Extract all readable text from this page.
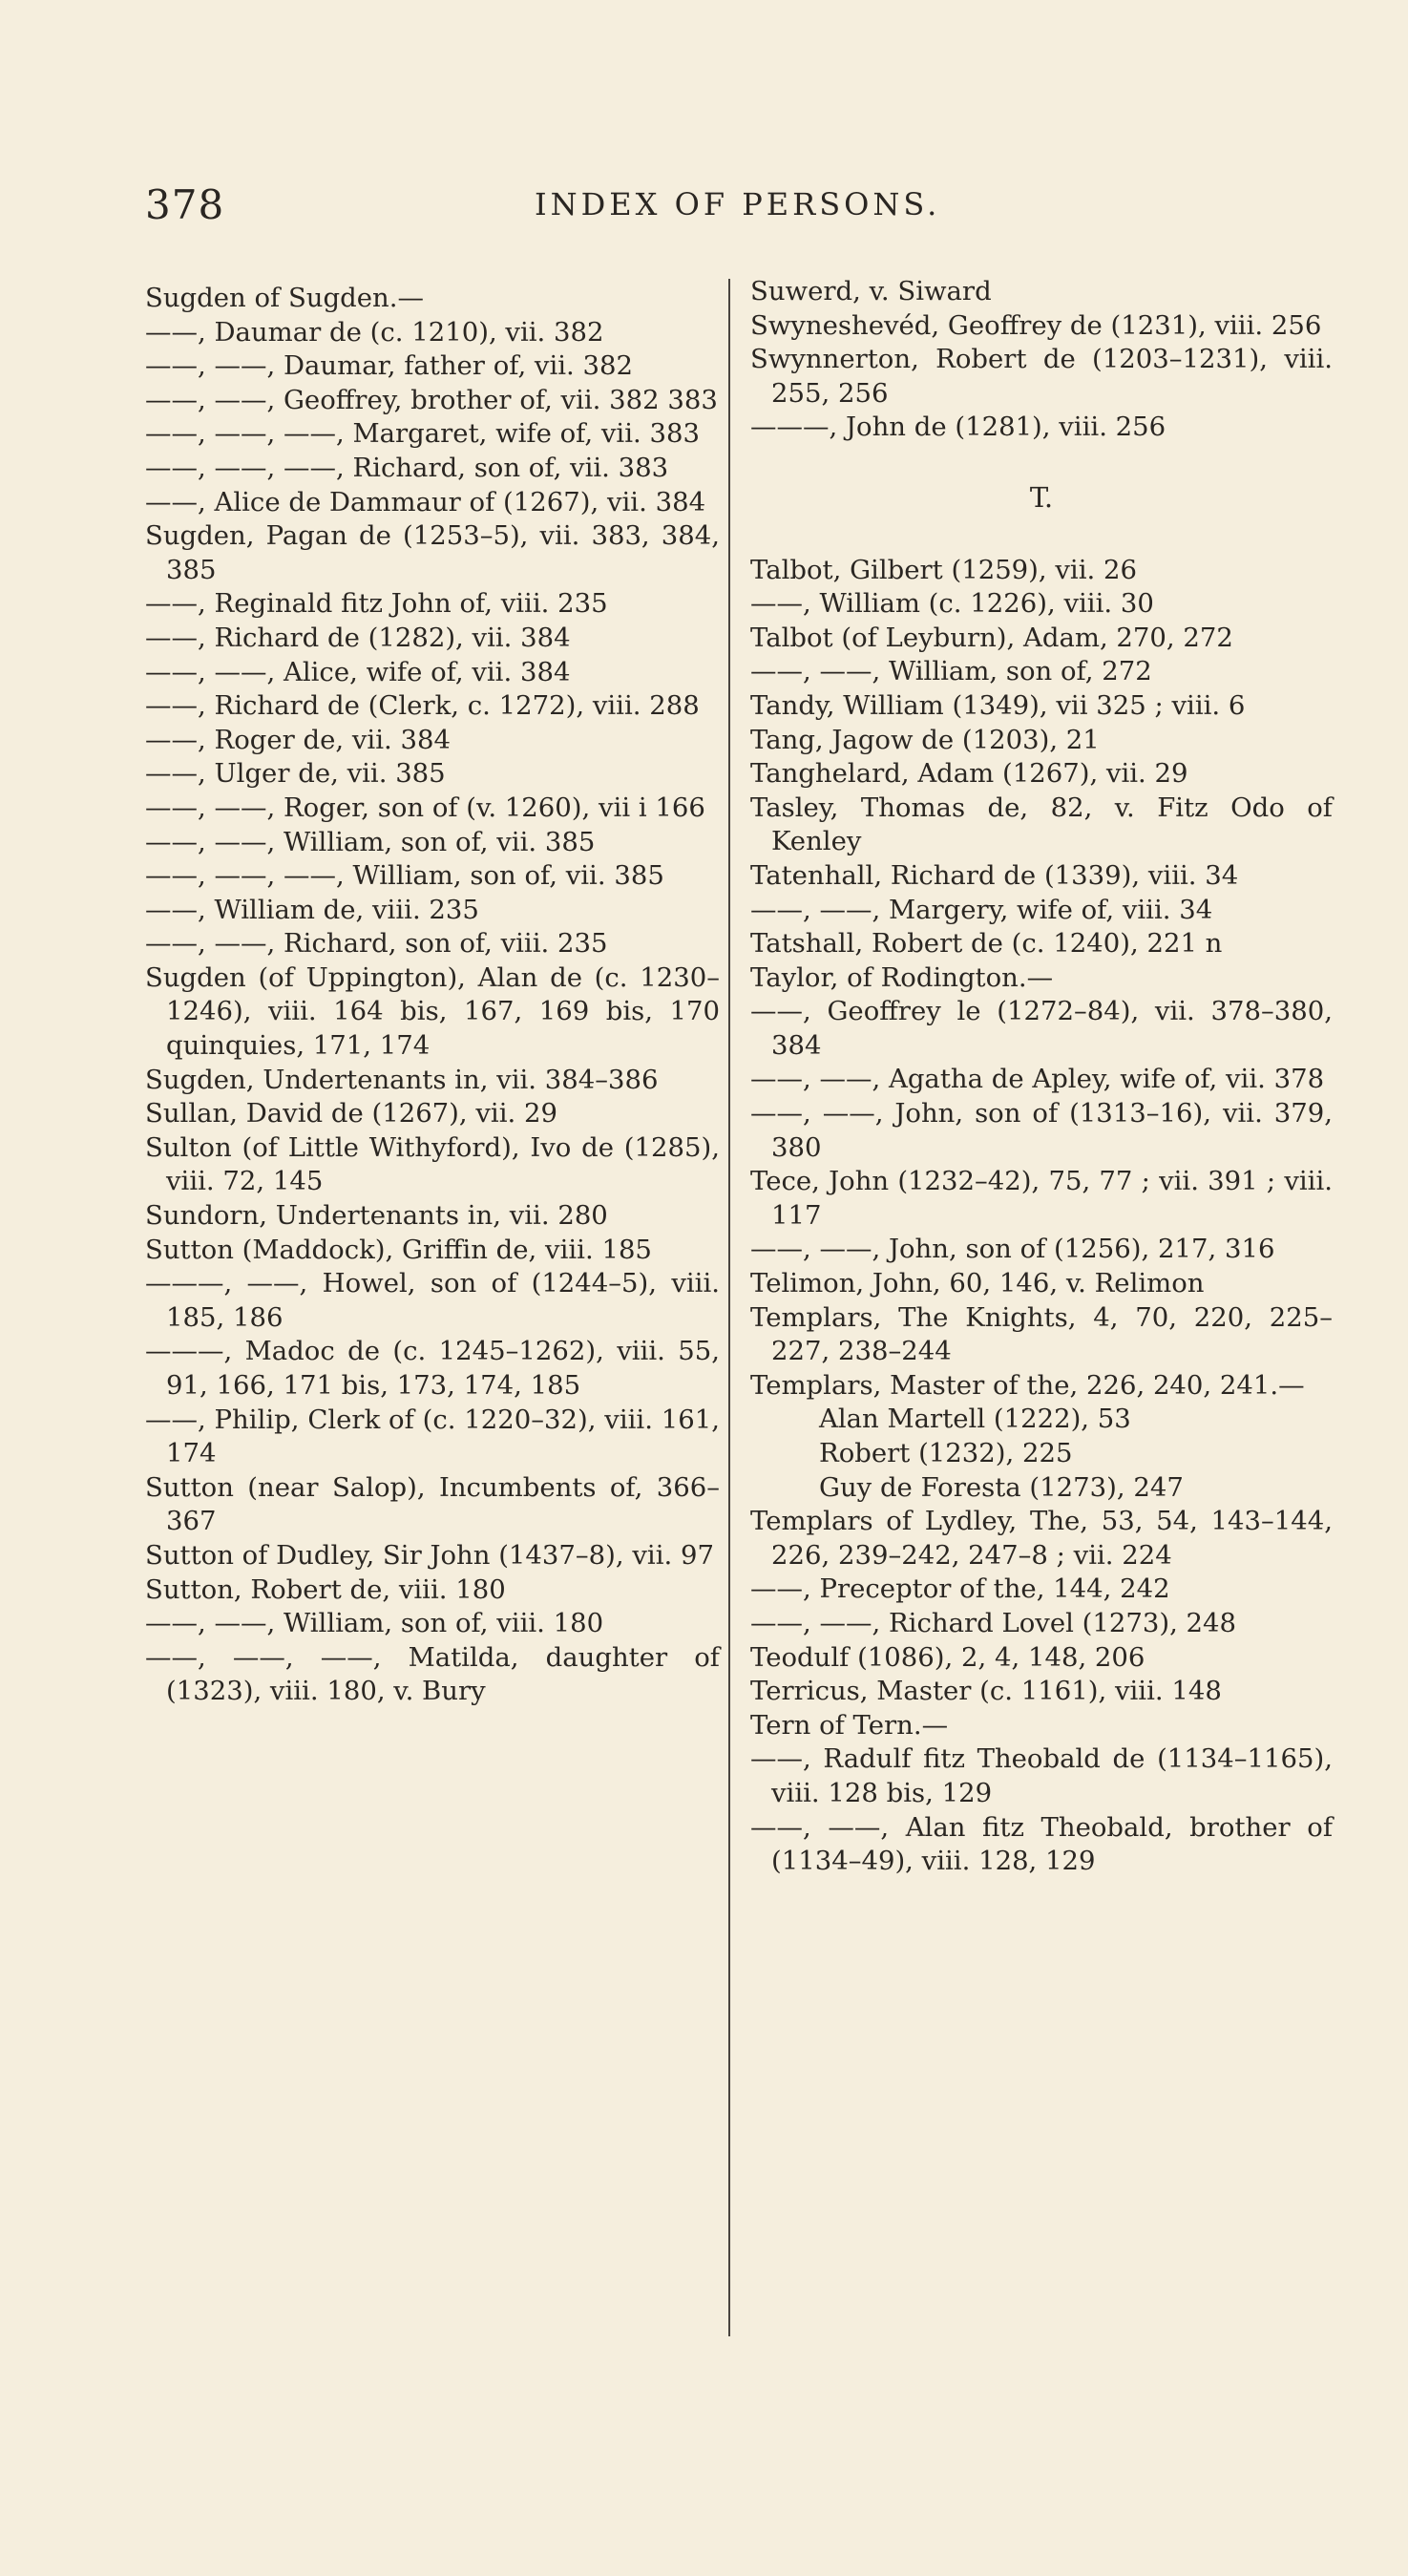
378	INDEX OF PERSONS.

Sugden of Sugden.—

——, Daumar de (c. 1210), vii. 382

——, ——, Daumar, father of, vii. 382

——, ——, Geoffrey, brother of, vii. 382 383

——, ——, ——, Margaret, wife of, vii. 383

——, ——, ——, Richard, son of, vii. 383

——, Alice de Dammaur of (1267), vii. 384

Sugden, Pagan de (1253–5), vii. 383, 384, 385

——, Reginald fitz John of, viii. 235

——, Richard de (1282), vii. 384

——, ——, Alice, wife of, vii. 384

——, Richard de (Clerk, c. 1272), viii. 288

——, Roger de, vii. 384

——, Ulger de, vii. 385

——, ——, Roger, son of (v. 1260), vii i 166

——, ——, William, son of, vii. 385

——, ——, ——, William, son of, vii. 385

——, William de, viii. 235

——, ——, Richard, son of, viii. 235

Sugden (of Uppington), Alan de (c. 1230–1246), viii. 164 bis, 167, 169 bis, 170 quinquies, 171, 174

Sugden, Undertenants in, vii. 384–386

Sullan, David de (1267), vii. 29

Sulton (of Little Withyford), Ivo de (1285), viii. 72, 145

Sundorn, Undertenants in, vii. 280

Sutton (Maddock), Griffin de, viii. 185

———, ——, Howel, son of (1244–5), viii. 185, 186

———, Madoc de (c. 1245–1262), viii. 55, 91, 166, 171 bis, 173, 174, 185

——, Philip, Clerk of (c. 1220–32), viii. 161, 174

Sutton (near Salop), Incumbents of, 366–367

Sutton of Dudley, Sir John (1437–8), vii. 97

Sutton, Robert de, viii. 180

——, ——, William, son of, viii. 180

——, ——, ——, Matilda, daughter of (1323), viii. 180, v. Bury

Suwerd, v. Siward

Swyneshevéd, Geoffrey de (1231), viii. 256

Swynnerton, Robert de (1203–1231), viii. 255, 256

———, John de (1281), viii. 256

T.

Talbot, Gilbert (1259), vii. 26

——, William (c. 1226), viii. 30

Talbot (of Leyburn), Adam, 270, 272

——, ——, William, son of, 272

Tandy, William (1349), vii 325 ; viii. 6

Tang, Jagow de (1203), 21

Tanghelard, Adam (1267), vii. 29

Tasley, Thomas de, 82, v. Fitz Odo of Kenley

Tatenhall, Richard de (1339), viii. 34

——, ——, Margery, wife of, viii. 34

Tatshall, Robert de (c. 1240), 221 n

Taylor, of Rodington.—

——, Geoffrey le (1272–84), vii. 378–380, 384

——, ——, Agatha de Apley, wife of, vii. 378

——, ——, John, son of (1313–16), vii. 379, 380

Tece, John (1232–42), 75, 77 ; vii. 391 ; viii. 117

——, ——, John, son of (1256), 217, 316

Telimon, John, 60, 146, v. Relimon

Templars, The Knights, 4, 70, 220, 225–227, 238–244

Templars, Master of the, 226, 240, 241.—

Alan Martell (1222), 53

Robert (1232), 225

Guy de Foresta (1273), 247

Templars of Lydley, The, 53, 54, 143–144, 226, 239–242, 247–8 ; vii. 224

——, Preceptor of the, 144, 242

——, ——, Richard Lovel (1273), 248

Teodulf (1086), 2, 4, 148, 206

Terricus, Master (c. 1161), viii. 148

Tern of Tern.—

——, Radulf fitz Theobald de (1134–1165), viii. 128 bis, 129

——, ——, Alan fitz Theobald, brother of (1134–49), viii. 128, 129
